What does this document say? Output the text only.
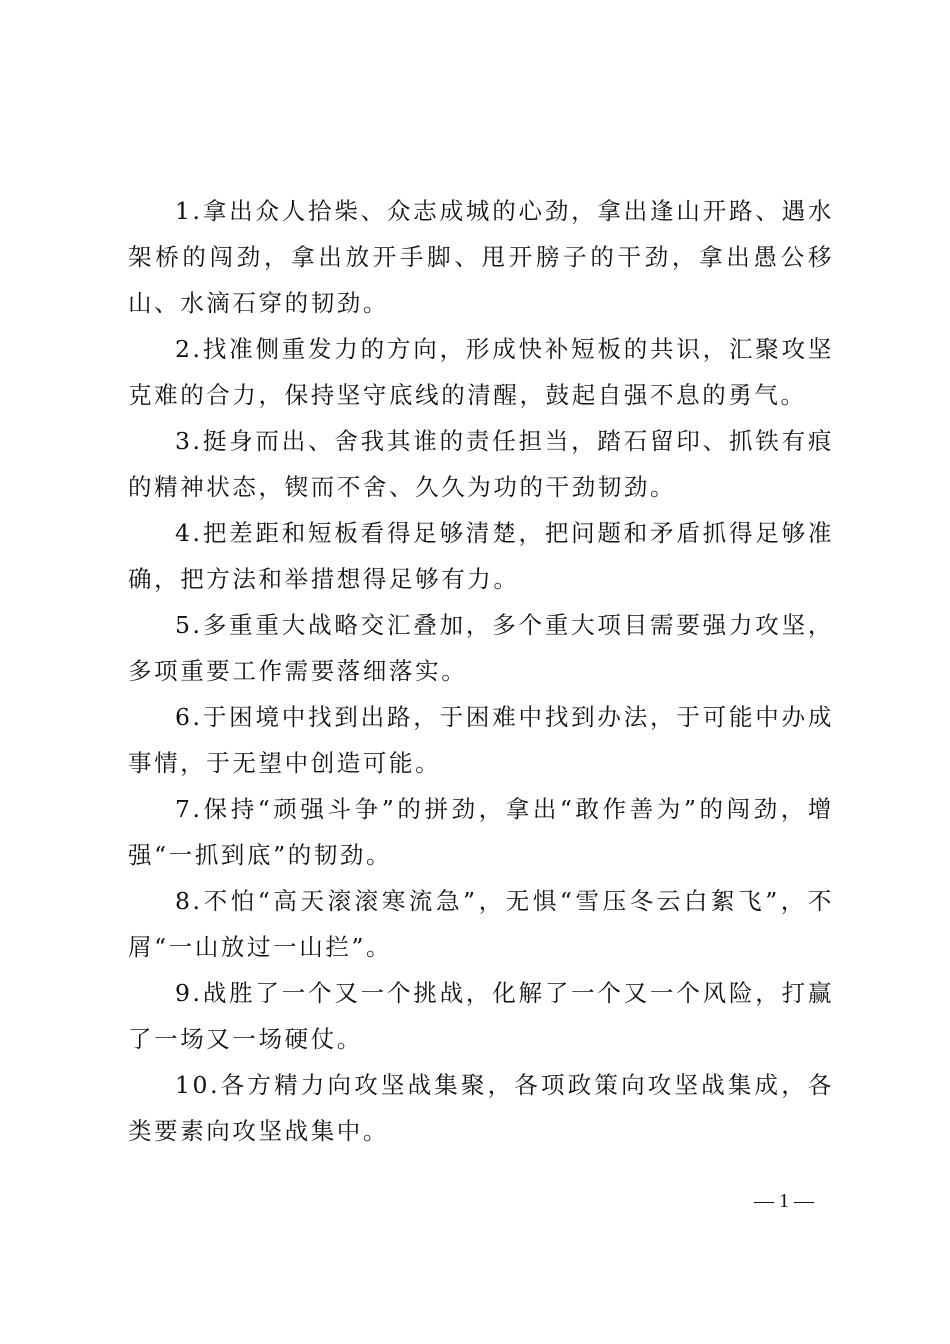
1.拿出众人拾柴、众志成城的心劲，拿出逢山开路、遇水架桥的闯劲，拿出放开手脚、甩开膀子的干劲，拿出愚公移山、水滴石穿的韧劲。

2.找准侧重发力的方向，形成快补短板的共识，汇聚攻坚克难的合力，保持坚守底线的清醒，鼓起自强不息的勇气。

3.挺身而出、舍我其谁的责任担当，踏石留印、抓铁有痕的精神状态，锲而不舍、久久为功的干劲韧劲。

4.把差距和短板看得足够清楚，把问题和矛盾抓得足够准确，把方法和举措想得足够有力。

5.多重重大战略交汇叠加，多个重大项目需要强力攻坚，多项重要工作需要落细落实。

6.于困境中找到出路，于困难中找到办法，于可能中办成事情，于无望中创造可能。

7.保持“顽强斗争”的拼劲，拿出“敢作善为”的闯劲，增强“一抓到底”的韧劲。

8.不怕“高天滚滚寒流急”，无惧“雪压冬云白絮飞”，不屑“一山放过一山拦”。

9.战胜了一个又一个挑战，化解了一个又一个风险，打赢了一场又一场硬仗。

10.各方精力向攻坚战集聚，各项政策向攻坚战集成，各类要素向攻坚战集中。

— 1 —
